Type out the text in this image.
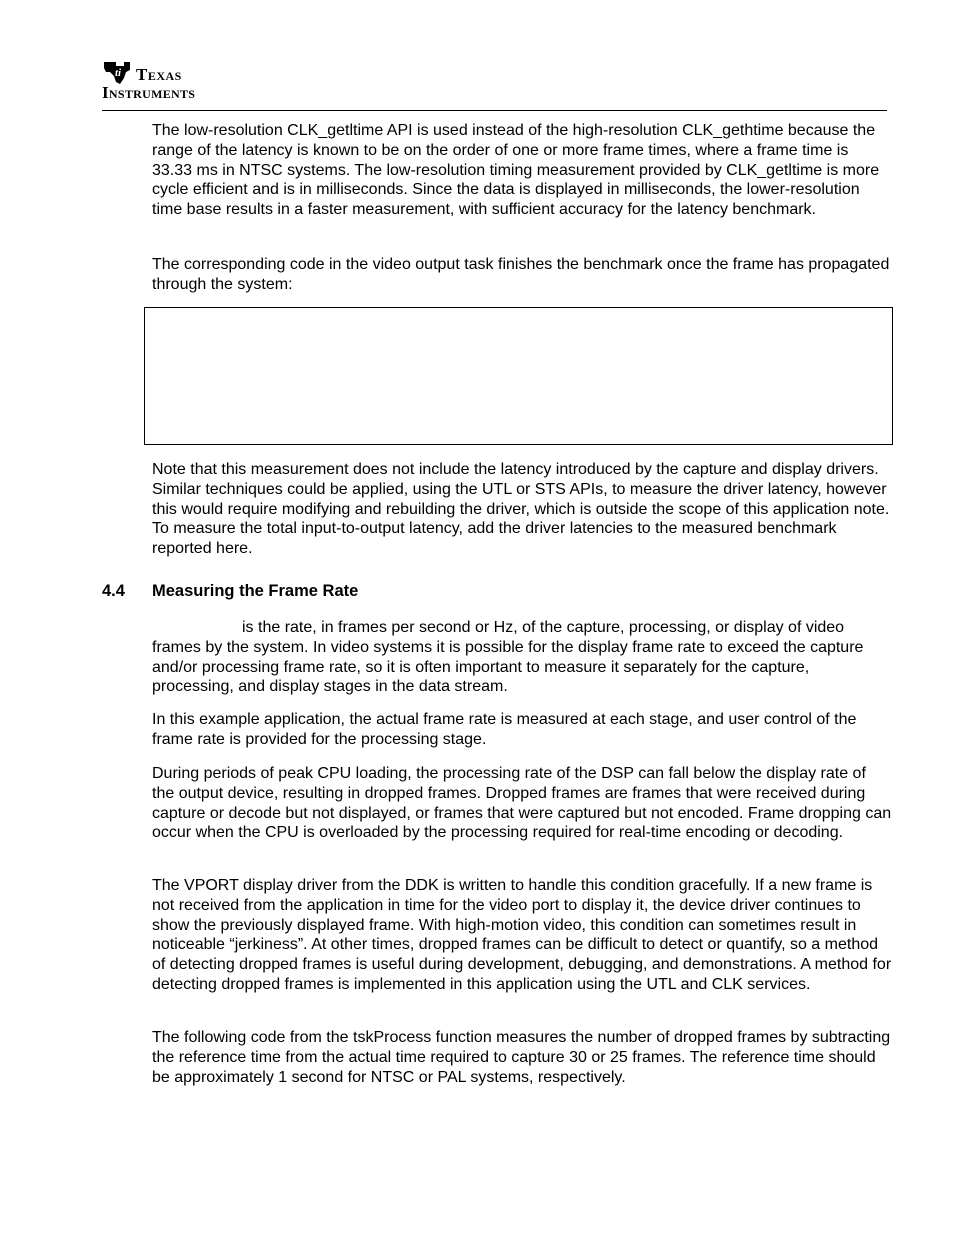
ti Texas
Instruments

The low-resolution CLK_getltime API is used instead of the high-resolution CLK_gethtime because the range of the latency is known to be on the order of one or more frame times, where a frame time is 33.33 ms in NTSC systems. The low-resolution timing measurement provided by CLK_getltime is more cycle efficient and is in milliseconds. Since the data is displayed in milliseconds, the lower-resolution time base results in a faster measurement, with sufficient accuracy for the latency benchmark.

The corresponding code in the video output task finishes the benchmark once the frame has propagated through the system:

Note that this measurement does not include the latency introduced by the capture and display drivers. Similar techniques could be applied, using the UTL or STS APIs, to measure the driver latency, however this would require modifying and rebuilding the driver, which is outside the scope of this application note. To measure the total input-to-output latency, add the driver latencies to the measured benchmark reported here.

4.4 Measuring the Frame Rate

is the rate, in frames per second or Hz, of the capture, processing, or display of video frames by the system. In video systems it is possible for the display frame rate to exceed the capture and/or processing frame rate, so it is often important to measure it separately for the capture, processing, and display stages in the data stream.

In this example application, the actual frame rate is measured at each stage, and user control of the frame rate is provided for the processing stage.

During periods of peak CPU loading, the processing rate of the DSP can fall below the display rate of the output device, resulting in dropped frames. Dropped frames are frames that were received during capture or decode but not displayed, or frames that were captured but not encoded. Frame dropping can occur when the CPU is overloaded by the processing required for real-time encoding or decoding.

The VPORT display driver from the DDK is written to handle this condition gracefully. If a new frame is not received from the application in time for the video port to display it, the device driver continues to show the previously displayed frame. With high-motion video, this condition can sometimes result in noticeable “jerkiness”. At other times, dropped frames can be difficult to detect or quantify, so a method of detecting dropped frames is useful during development, debugging, and demonstrations. A method for detecting dropped frames is implemented in this application using the UTL and CLK services.

The following code from the tskProcess function measures the number of dropped frames by subtracting the reference time from the actual time required to capture 30 or 25 frames. The reference time should be approximately 1 second for NTSC or PAL systems, respectively.
